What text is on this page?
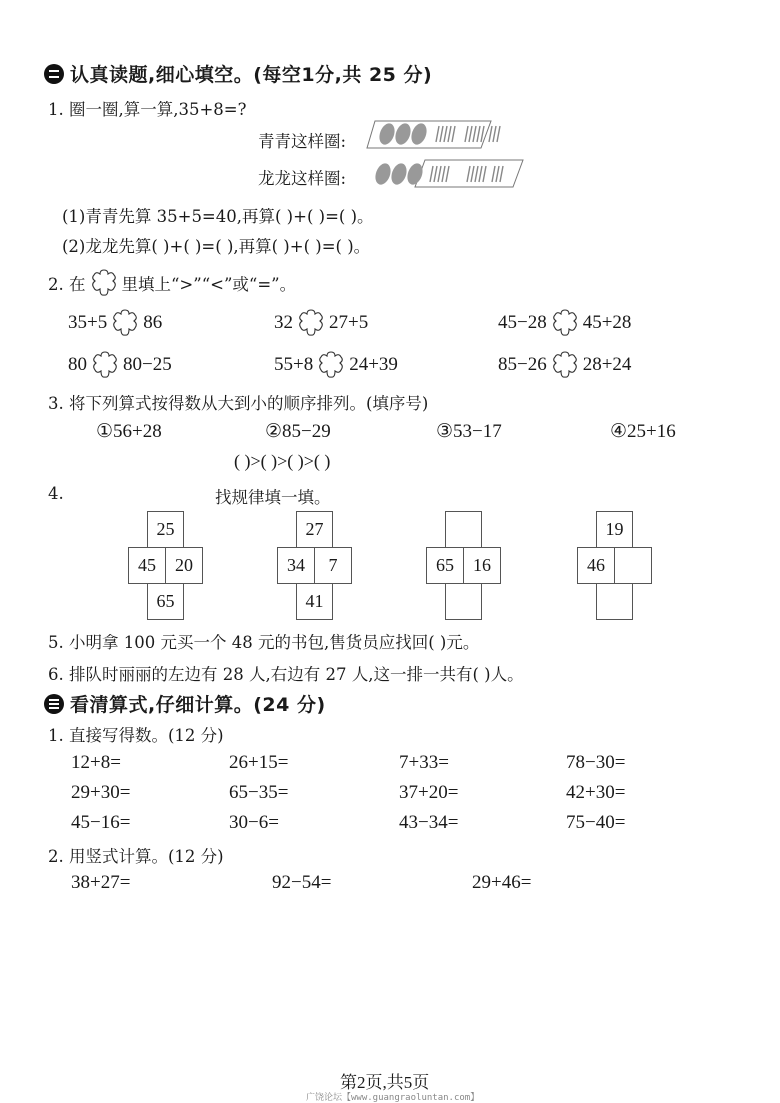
认真读题,细心填空。(每空1分,共 25 分)
1. 圈一圈,算一算,35+8=?
青青这样圈:
龙龙这样圈:
(1)青青先算 35+5=40,再算( )+( )=( )。
(2)龙龙先算( )+( )=( ),再算( )+( )=( )。
2. 在 里填上“>”“<”或“=”。
35+5 86	32 27+5	45−28 45+28
80 80−25	55+8 24+39	85−26 28+24
3. 将下列算式按得数从大到小的顺序排列。(填序号)
①56+28	②85−29	③53−17	④25+16
( )>( )>( )>( )
4.	找规律填一填。
25
45	20
65
27
34	7
41
65	16
19
46
5. 小明拿 100 元买一个 48 元的书包,售货员应找回( )元。
6. 排队时丽丽的左边有 28 人,右边有 27 人,这一排一共有( )人。
看清算式,仔细计算。(24 分)
1. 直接写得数。(12 分)
12+8=	26+15=	7+33=	78−30=
29+30=	65−35=	37+20=	42+30=
45−16=	30−6=	43−34=	75−40=
2. 用竖式计算。(12 分)
38+27=	92−54=	29+46=
第2页,共5页
广饶论坛【www.guangraoluntan.com】
